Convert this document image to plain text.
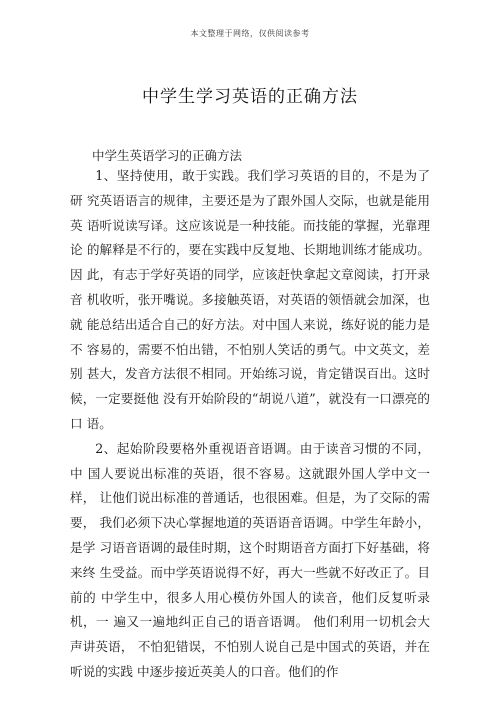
本文整理于网络，仅供阅读参考
中学生学习英语的正确方法
中学生英语学习的正确方法

1、坚持使用，敢于实践。我们学习英语的目的，不是为了研 究英语语言的规律，主要还是为了跟外国人交际，也就是能用英 语听说读写译。这应该说是一种技能。而技能的掌握，光靠理论 的解释是不行的，要在实践中反复地、长期地训练才能成功。因 此，有志于学好英语的同学，应该赶快拿起文章阅读，打开录音 机收听，张开嘴说。多接触英语，对英语的领悟就会加深，也就 能总结出适合自己的好方法。对中国人来说，练好说的能力是不 容易的，需要不怕出错，不怕别人笑话的勇气。中文英文，差别 甚大，发音方法很不相同。开始练习说，肯定错误百出。这时候，一定要挺他 没有开始阶段的“胡说八道”，就没有一口漂亮的口 语。

2、起始阶段要格外重视语音语调。由于读音习惯的不同，中 国人要说出标准的英语，很不容易。这就跟外国人学中文一样， 让他们说出标准的普通话，也很困难。但是，为了交际的需要， 我们必须下决心掌握地道的英语语音语调。中学生年龄小，是学 习语音语调的最佳时期，这个时期语音方面打下好基础，将来终 生受益。而中学英语说得不好，再大一些就不好改正了。目前的 中学生中，很多人用心模仿外国人的读音，他们反复听录机，一 遍又一遍地纠正自己的语音语调。 他们利用一切机会大声讲英语， 不怕犯错误，不怕别人说自己是中国式的英语，并在听说的实践 中逐步接近英美人的口音。他们的作
